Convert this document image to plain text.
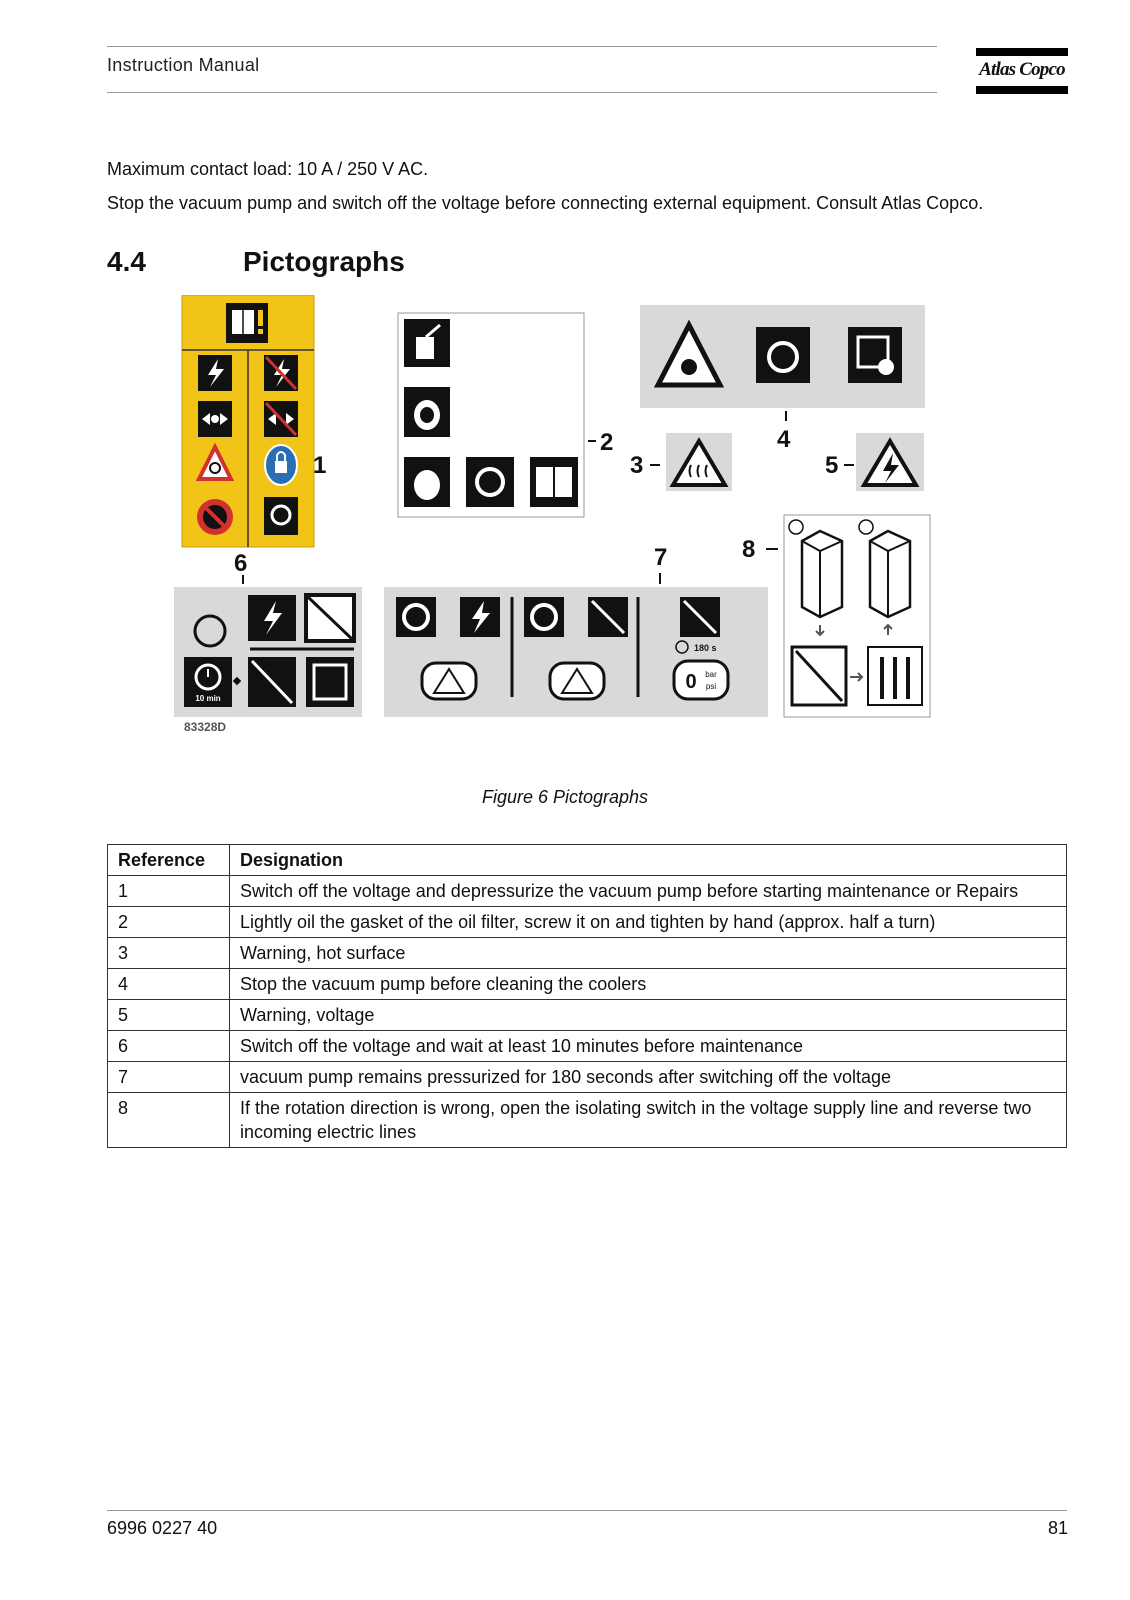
Instruction Manual	Atlas Copco
Maximum contact load: 10 A / 250 V AC.
Stop the vacuum pump and switch off the voltage before connecting external equipment. Consult Atlas Copco.
4.4	Pictographs
1
2
3
4
5
6
10 min
83328D
7
180 s
0 bar
psi
8
Figure 6 Pictographs
Reference	Designation
1	Switch off the voltage and depressurize the vacuum pump before starting maintenance or Repairs
2	Lightly oil the gasket of the oil filter, screw it on and tighten by hand (approx. half a turn)
3	Warning, hot surface
4	Stop the vacuum pump before cleaning the coolers
5	Warning, voltage
6	Switch off the voltage and wait at least 10 minutes before maintenance
7	vacuum pump remains pressurized for 180 seconds after switching off the voltage
8	If the rotation direction is wrong, open the isolating switch in the voltage supply line and reverse two incoming electric lines
6996 0227 40	81
